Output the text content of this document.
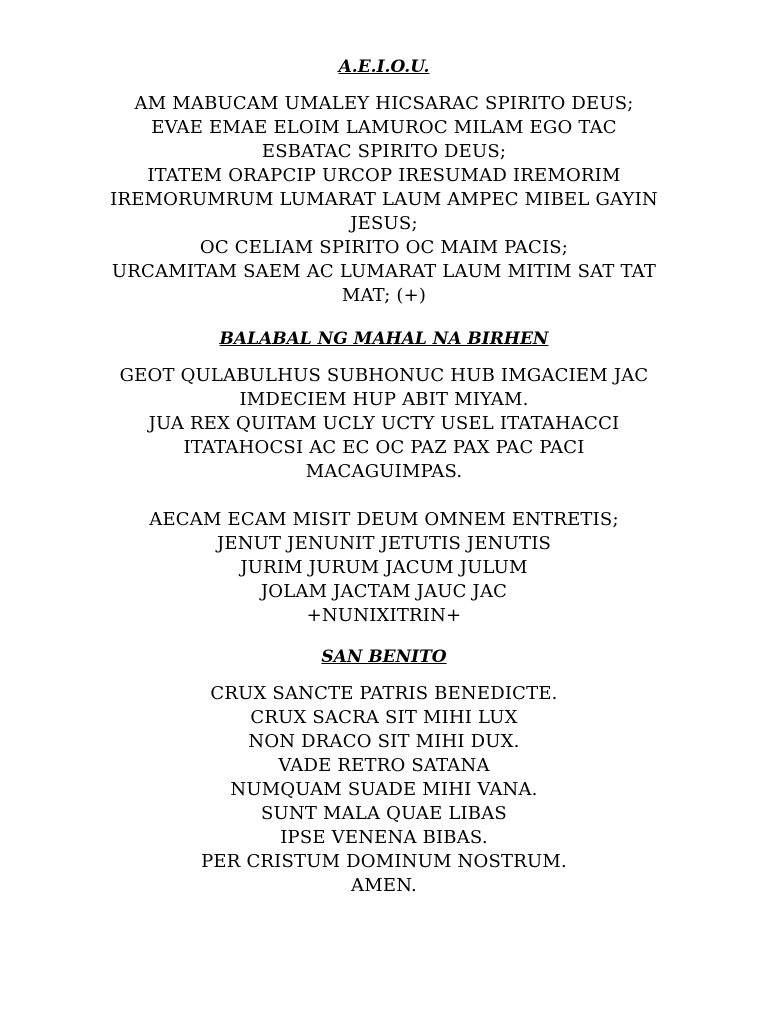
A.E.I.O.U.
AM MABUCAM UMALEY HICSARAC SPIRITO DEUS;
EVAE EMAE ELOIM LAMUROC MILAM EGO TAC
ESBATAC SPIRITO DEUS;
ITATEM ORAPCIP URCOP IRESUMAD IREMORIM
IREMORUMRUM LUMARAT LAUM AMPEC MIBEL GAYIN
JESUS;
OC CELIAM SPIRITO OC MAIM PACIS;
URCAMITAM SAEM AC LUMARAT LAUM MITIM SAT TAT
MAT; (+)
BALABAL NG MAHAL NA BIRHEN
GEOT QULABULHUS SUBHONUC HUB IMGACIEM JAC
IMDECIEM HUP ABIT MIYAM.
JUA REX QUITAM UCLY UCTY USEL ITATAHACCI
ITATAHOCSI AC EC OC PAZ PAX PAC PACI
MACAGUIMPAS.
AECAM ECAM MISIT DEUM OMNEM ENTRETIS;
JENUT JENUNIT JETUTIS JENUTIS
JURIM JURUM JACUM JULUM
JOLAM JACTAM JAUC JAC
+NUNIXITRIN+
SAN BENITO
CRUX SANCTE PATRIS BENEDICTE.
CRUX SACRA SIT MIHI LUX
NON DRACO SIT MIHI DUX.
VADE RETRO SATANA
NUMQUAM SUADE MIHI VANA.
SUNT MALA QUAE LIBAS
IPSE VENENA BIBAS.
PER CRISTUM DOMINUM NOSTRUM.
AMEN.
